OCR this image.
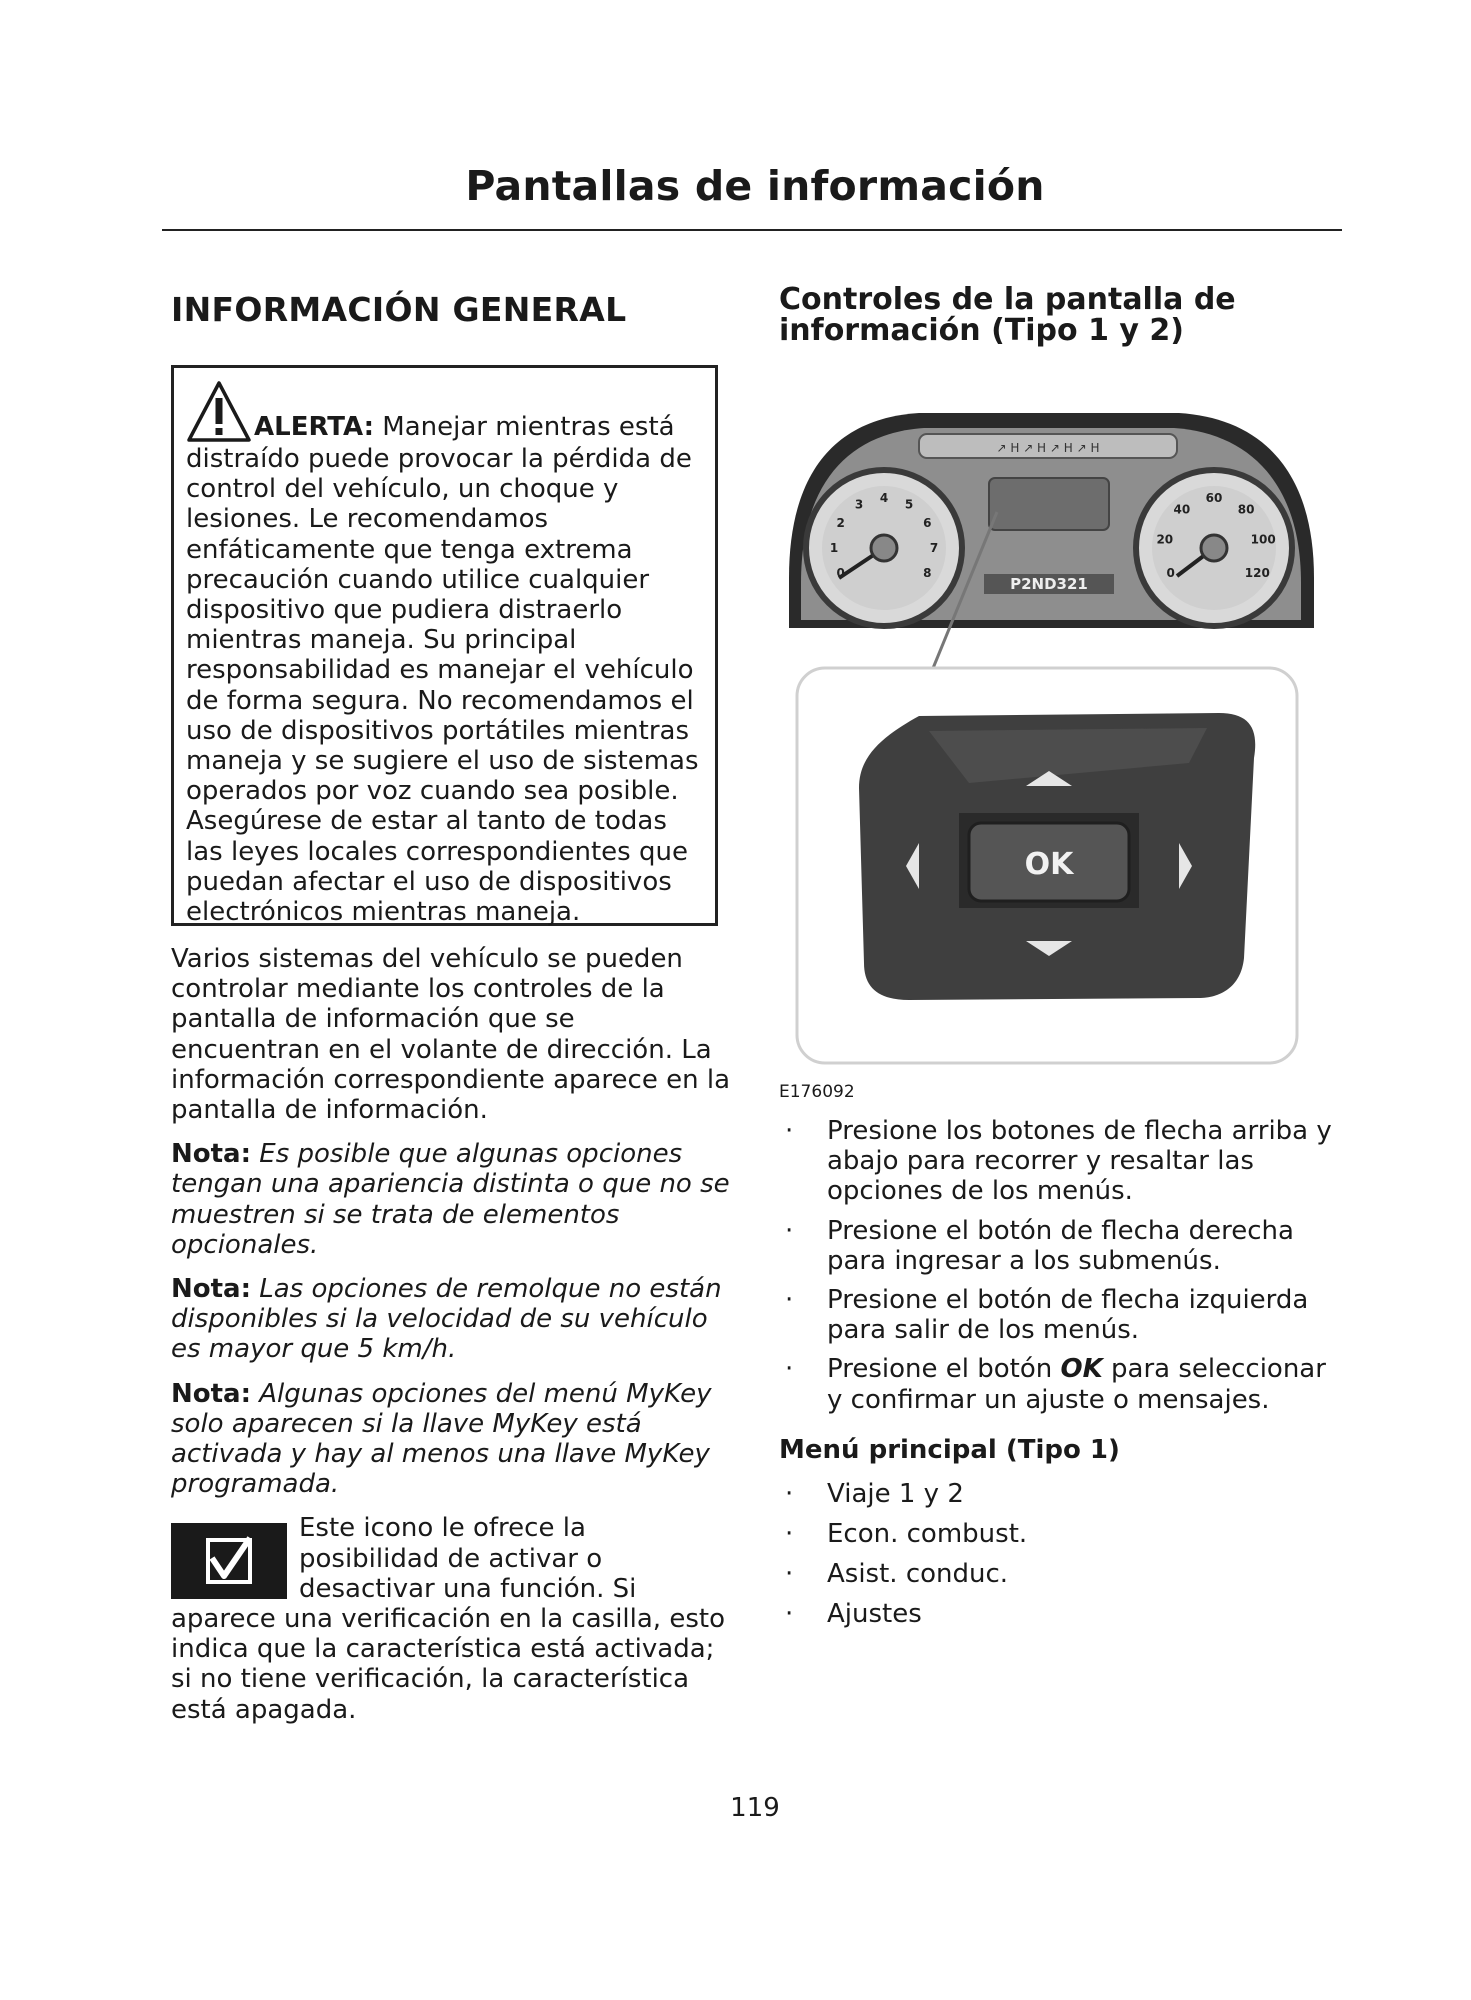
Pantallas de información
INFORMACIÓN GENERAL
ALERTA: Manejar mientras está
distraído puede provocar la pérdida de control del vehículo, un choque y lesiones. Le recomendamos enfáticamente que tenga extrema precaución cuando utilice cualquier dispositivo que pudiera distraerlo mientras maneja. Su principal responsabilidad es manejar el vehículo de forma segura. No recomendamos el uso de dispositivos portátiles mientras maneja y se sugiere el uso de sistemas operados por voz cuando sea posible. Asegúrese de estar al tanto de todas las leyes locales correspondientes que puedan afectar el uso de dispositivos electrónicos mientras maneja.

Varios sistemas del vehículo se pueden controlar mediante los controles de la pantalla de información que se encuentran en el volante de dirección. La información correspondiente aparece en la pantalla de información.

Nota: Es posible que algunas opciones tengan una apariencia distinta o que no se muestren si se trata de elementos opcionales.

Nota: Las opciones de remolque no están disponibles si la velocidad de su vehículo es mayor que 5 km/h.

Nota: Algunas opciones del menú MyKey solo aparecen si la llave MyKey está activada y hay al menos una llave MyKey programada.

Este icono le ofrece la posibilidad de activar o desactivar una función. Si aparece una verificación en la casilla, esto indica que la característica está activada; si no tiene verificación, la característica está apagada.

Controles de la pantalla de información (Tipo 1 y 2)
↗ H ↗ H ↗ H ↗ H
P2ND321
0
1
2
3 4 5
6
7
8	0
20
40
60
80
100
120
OK
E176092
· Presione los botones de flecha arriba y abajo para recorrer y resaltar las opciones de los menús.
· Presione el botón de flecha derecha para ingresar a los submenús.
· Presione el botón de flecha izquierda para salir de los menús.
· Presione el botón OK para seleccionar y confirmar un ajuste o mensajes.
Menú principal (Tipo 1)
· Viaje 1 y 2
· Econ. combust.
· Asist. conduc.
· Ajustes
119
